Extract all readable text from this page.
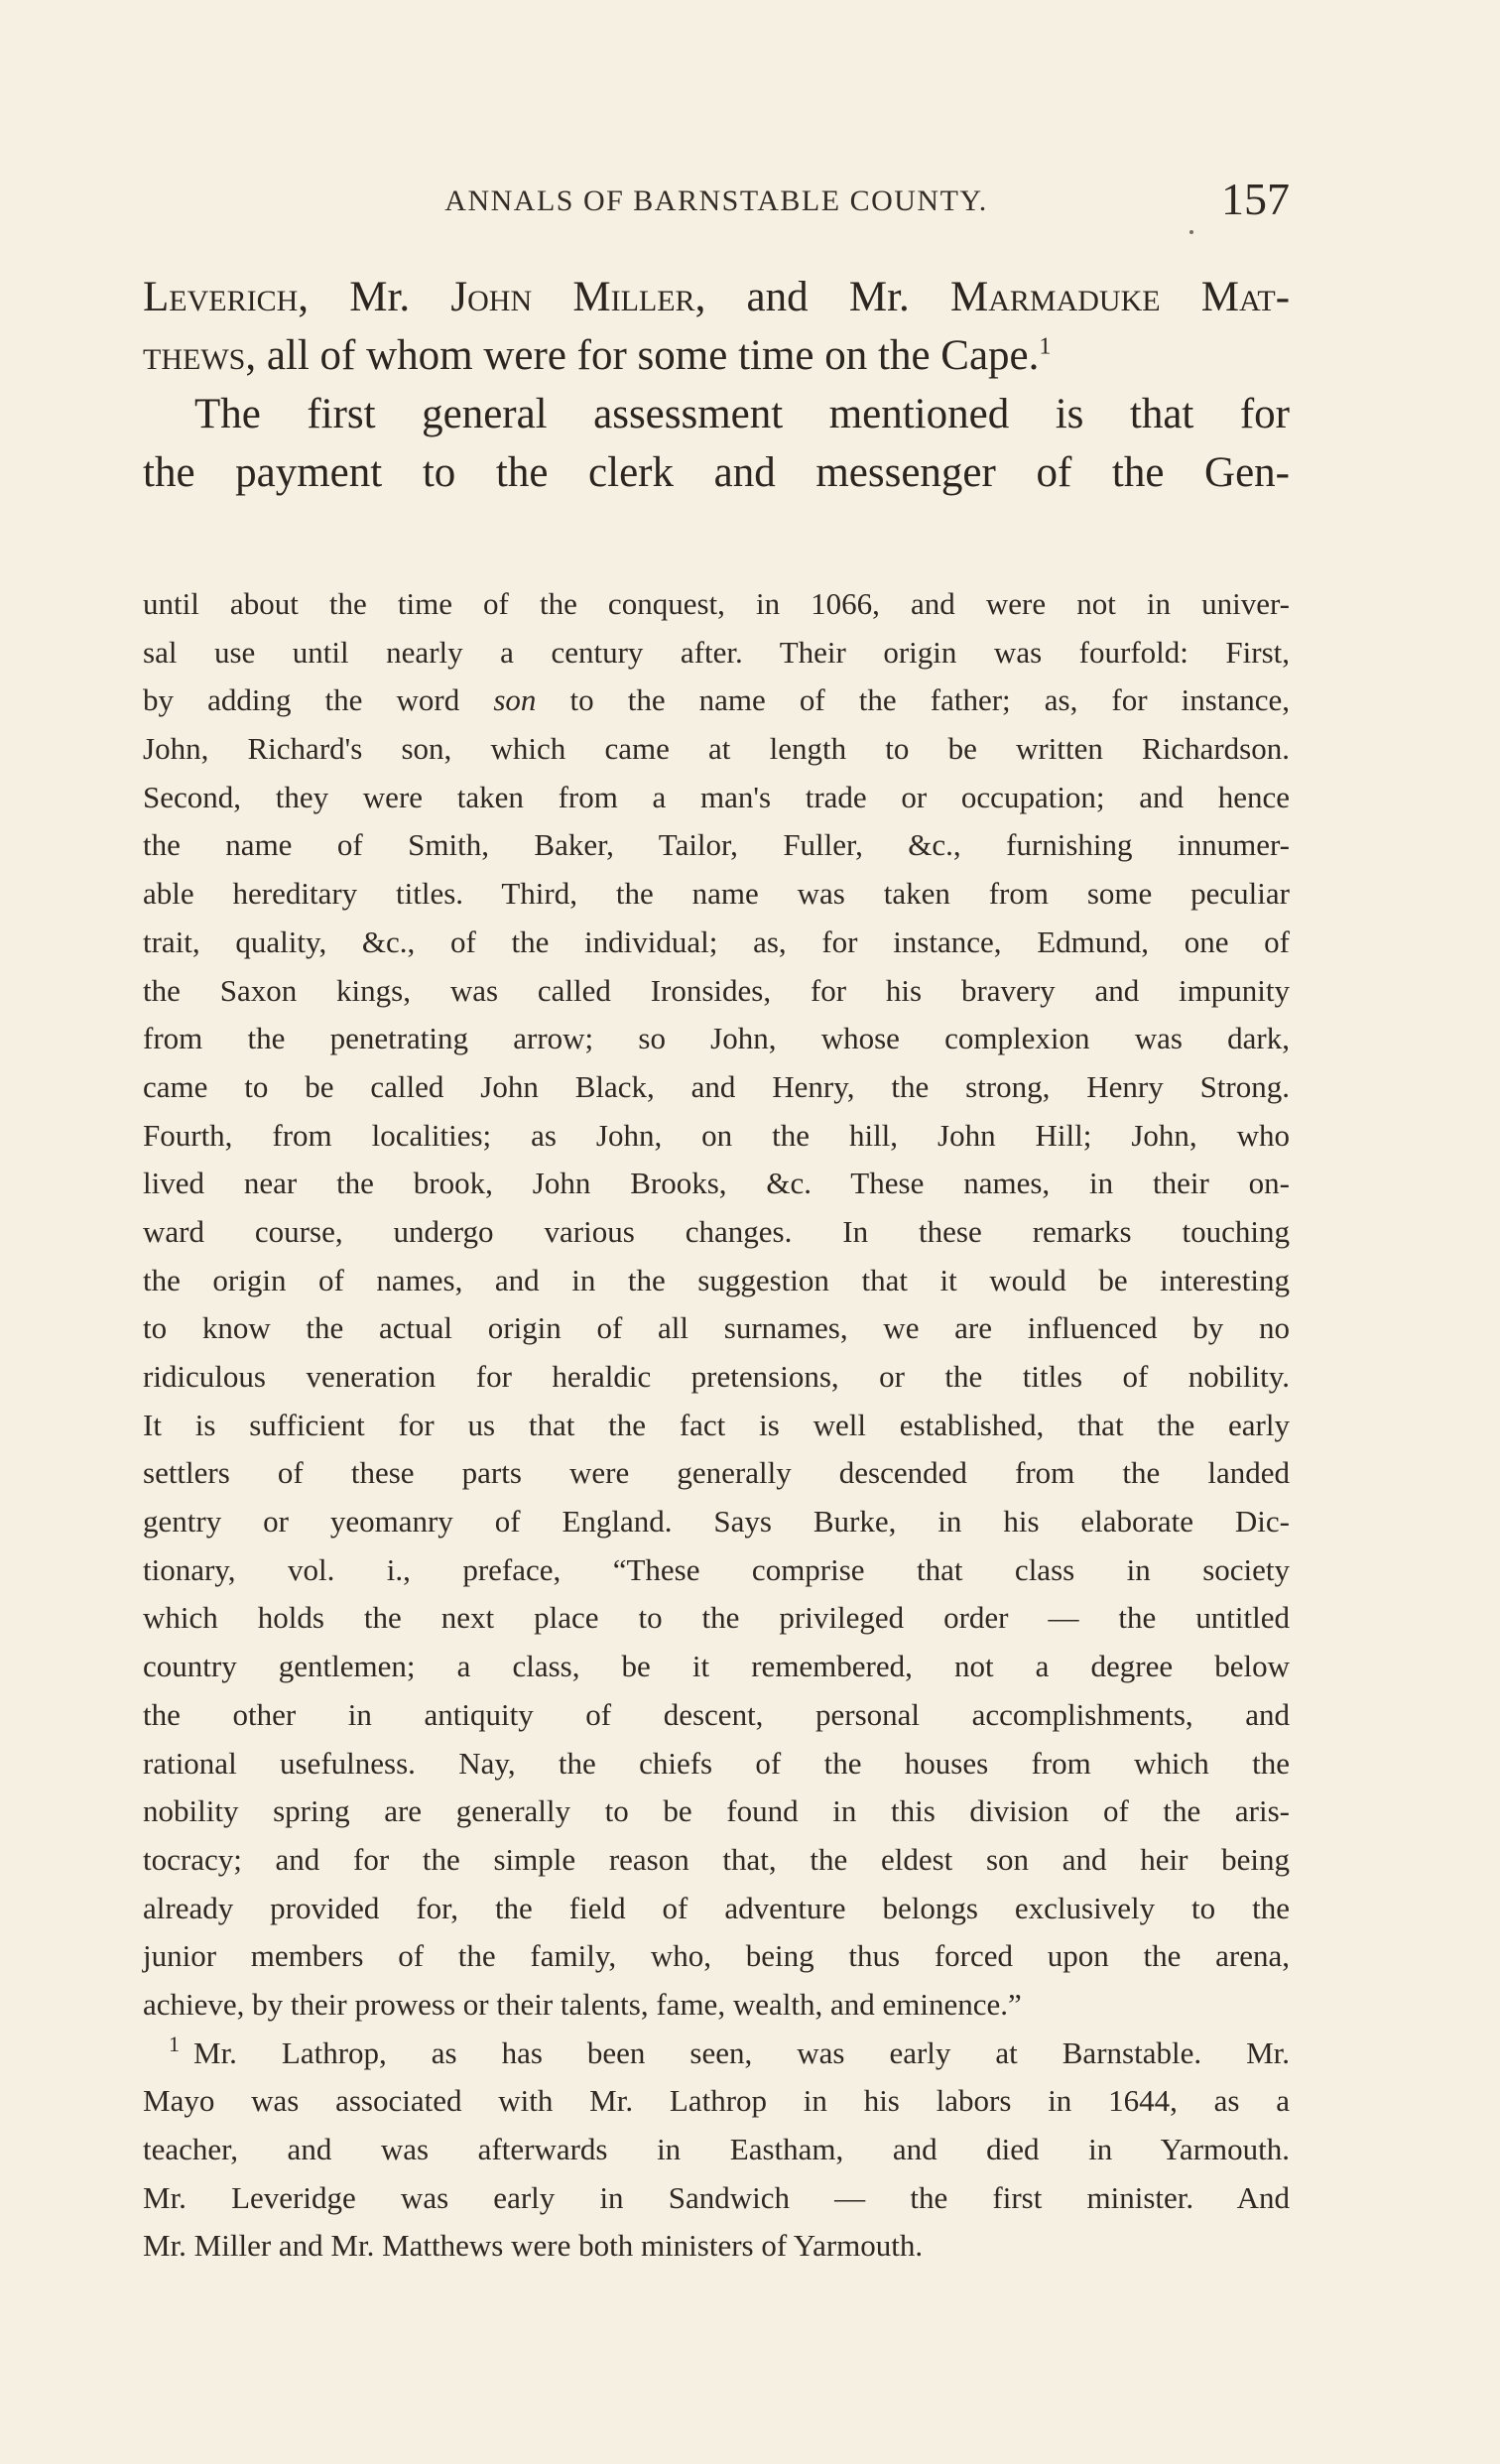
ANNALS OF BARNSTABLE COUNTY.	157
Leverich, Mr. John Miller, and Mr. Marmaduke Mat-
thews, all of whom were for some time on the Cape.$^1$
The first general assessment mentioned is that for
the payment to the clerk and messenger of the Gen-
until about the time of the conquest, in 1066, and were not in univer-
sal use until nearly a century after. Their origin was fourfold: First,
by adding the word son to the name of the father; as, for instance,
John, Richard's son, which came at length to be written Richardson.
Second, they were taken from a man's trade or occupation; and hence
the name of Smith, Baker, Tailor, Fuller, &c., furnishing innumer-
able hereditary titles. Third, the name was taken from some peculiar
trait, quality, &c., of the individual; as, for instance, Edmund, one of
the Saxon kings, was called Ironsides, for his bravery and impunity
from the penetrating arrow; so John, whose complexion was dark,
came to be called John Black, and Henry, the strong, Henry Strong.
Fourth, from localities; as John, on the hill, John Hill; John, who
lived near the brook, John Brooks, &c. These names, in their on-
ward course, undergo various changes. In these remarks touching
the origin of names, and in the suggestion that it would be interesting
to know the actual origin of all surnames, we are influenced by no
ridiculous veneration for heraldic pretensions, or the titles of nobility.
It is sufficient for us that the fact is well established, that the early
settlers of these parts were generally descended from the landed
gentry or yeomanry of England. Says Burke, in his elaborate Dic-
tionary, vol. i., preface, “These comprise that class in society
which holds the next place to the privileged order — the untitled
country gentlemen; a class, be it remembered, not a degree below
the other in antiquity of descent, personal accomplishments, and
rational usefulness. Nay, the chiefs of the houses from which the
nobility spring are generally to be found in this division of the aris-
tocracy; and for the simple reason that, the eldest son and heir being
already provided for, the field of adventure belongs exclusively to the
junior members of the family, who, being thus forced upon the arena,
achieve, by their prowess or their talents, fame, wealth, and eminence.”
$^1$ Mr. Lathrop, as has been seen, was early at Barnstable. Mr.
Mayo was associated with Mr. Lathrop in his labors in 1644, as a
teacher, and was afterwards in Eastham, and died in Yarmouth.
Mr. Leveridge was early in Sandwich — the first minister. And
Mr. Miller and Mr. Matthews were both ministers of Yarmouth.
